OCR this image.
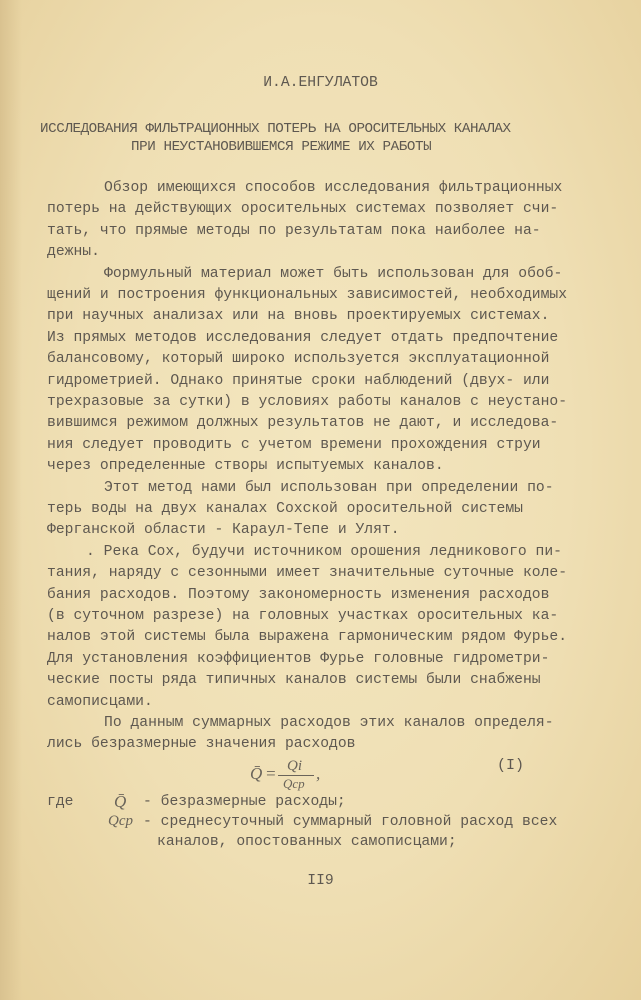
И.А.ЕНГУЛАТОВ
ИССЛЕДОВАНИЯ ФИЛЬТРАЦИОННЫХ ПОТЕРЬ НА ОРОСИТЕЛЬНЫХ КАНАЛАХ
ПРИ НЕУСТАНОВИВШЕМСЯ РЕЖИМЕ ИХ РАБОТЫ
Обзор имеющихся способов исследования фильтрационных
потерь на действующих оросительных системах позволяет счи-
тать, что прямые методы по результатам пока наиболее на-
дежны.
Формульный материал может быть использован для обоб-
щений и построения функциональных зависимостей, необходимых
при научных анализах или на вновь проектируемых системах.
Из прямых методов исследования следует отдать предпочтение
балансовому, который широко используется эксплуатационной
гидрометрией. Однако принятые сроки наблюдений (двух- или
трехразовые за сутки) в условиях работы каналов с неустано-
вившимся режимом должных результатов не дают, и исследова-
ния следует проводить с учетом времени прохождения струи
через определенные створы испытуемых каналов.
Этот метод нами был использован при определении по-
терь воды на двух каналах Сохской оросительной системы
Ферганской области - Караул-Тепе и Улят.
. Река Сох, будучи источником орошения ледникового пи-
тания, наряду с сезонными имеет значительные суточные коле-
бания расходов. Поэтому закономерность изменения расходов
(в суточном разрезе) на головных участках оросительных ка-
налов этой системы была выражена гармоническим рядом Фурье.
Для установления коэффициентов Фурье головные гидрометри-
ческие посты ряда типичных каналов системы были снабжены
самописцами.
По данным суммарных расходов этих каналов определя-
лись безразмерные значения расходов
Q̄ = Qi
Qср
,	(I)
где Q̄ - безразмерные расходы;
Qср - среднесуточный суммарный головной расход всех
каналов, опостованных самописцами;
II9
